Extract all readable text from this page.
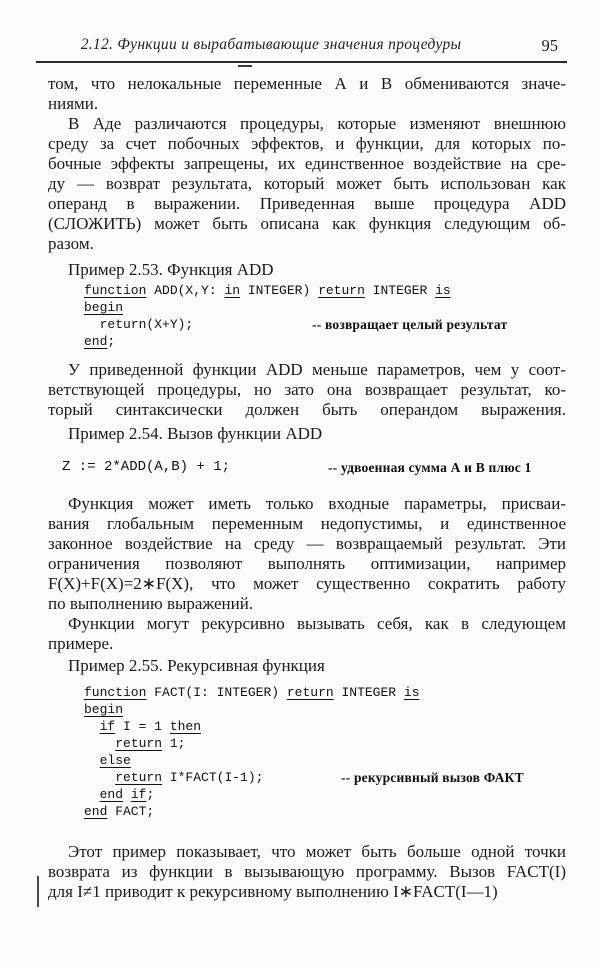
2.12. Функции и вырабатывающие значения процедуры	95
том, что нелокальные переменные А и В обмениваются значе-
ниями.
В Аде различаются процедуры, которые изменяют внешнюю
среду за счет побочных эффектов, и функции, для которых по-
бочные эффекты запрещены, их единственное воздействие на сре-
ду — возврат результата, который может быть использован как
операнд в выражении. Приведенная выше процедура ADD
(СЛОЖИТЬ) может быть описана как функция следующим об-
разом.
Пример 2.53. Функция ADD
function ADD(X,Y: in INTEGER) return INTEGER is
begin
return(X+Y);	-- возвращает целый результат
end;
У приведенной функции ADD меньше параметров, чем у соот-
ветствующей процедуры, но зато она возвращает результат, ко-
торый синтаксически должен быть операндом выражения.
Пример 2.54. Вызов функции ADD
Z := 2*ADD(A,B) + 1;	-- удвоенная сумма А и В плюс 1
Функция может иметь только входные параметры, присваи-
вания глобальным переменным недопустимы, и единственное
законное воздействие на среду — возвращаемый результат. Эти
ограничения позволяют выполнять оптимизации, например
F(X)+F(X)=2∗F(X), что может существенно сократить работу
по выполнению выражений.
Функции могут рекурсивно вызывать себя, как в следующем
примере.
Пример 2.55. Рекурсивная функция
function FACT(I: INTEGER) return INTEGER is
begin
if I = 1 then
return 1;
else
return I*FACT(I-1);	-- рекурсивный вызов ФАКТ
end if;
end FACT;
Этот пример показывает, что может быть больше одной точки
возврата из функции в вызывающую программу. Вызов FACT(I)
для I≠1 приводит к рекурсивному выполнению I∗FACT(I—1)
